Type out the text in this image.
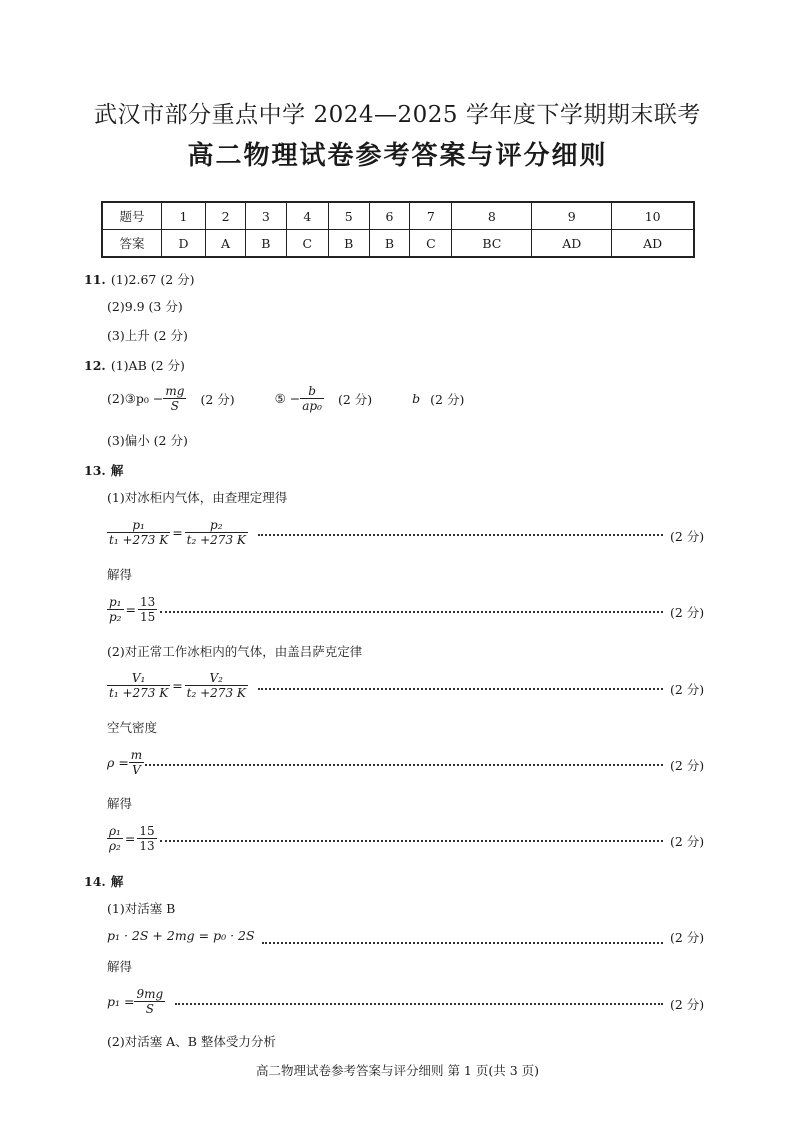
武汉市部分重点中学 2024—2025 学年度下学期期末联考
高二物理试卷参考答案与评分细则
题号	1	2	3	4	5	6	7	8	9	10
答案	D	A	B	C	B	B	C	BC	AD	AD
11. (1)2.67 (2 分)
(2)9.9 (3 分)
(3)上升 (2 分)
12. (1)AB (2 分)
(2)③p₀ − $\frac{mg}{S} (2$ 分)	⑤ − $\frac{b}{\text{ap₀}} (2$ 分)	b (2 分)
(3)偏小 (2 分)
13. 解
(1)对冰柜内气体，由查理定理得
$\frac{\text{p₁}}{\text{t₁ +273 K}} = \frac{\text{p₂}}{\text{t₂ +273 K}}$	(2 分)
解得
$\frac{\text{p₁}}{\text{p₂}} = \frac{13}{15}$	(2 分)
(2)对正常工作冰柜内的气体，由盖吕萨克定律
$\frac{\text{V₁}}{\text{t₁ +273 K}} = \frac{\text{V₂}}{\text{t₂ +273 K}}$	(2 分)
空气密度
$\rho = \frac{m}{V}$	(2 分)
解得
$\frac{\text{ρ₁}}{\text{ρ₂}} = \frac{15}{13}$	(2 分)
14. 解
(1)对活塞 B
p₁ · 2S + 2mg = p₀ · 2S	(2 分)
解得
$p_1 = \frac{9mg}{S}$	(2 分)
(2)对活塞 A、B 整体受力分析
高二物理试卷参考答案与评分细则 第 1 页(共 3 页)
